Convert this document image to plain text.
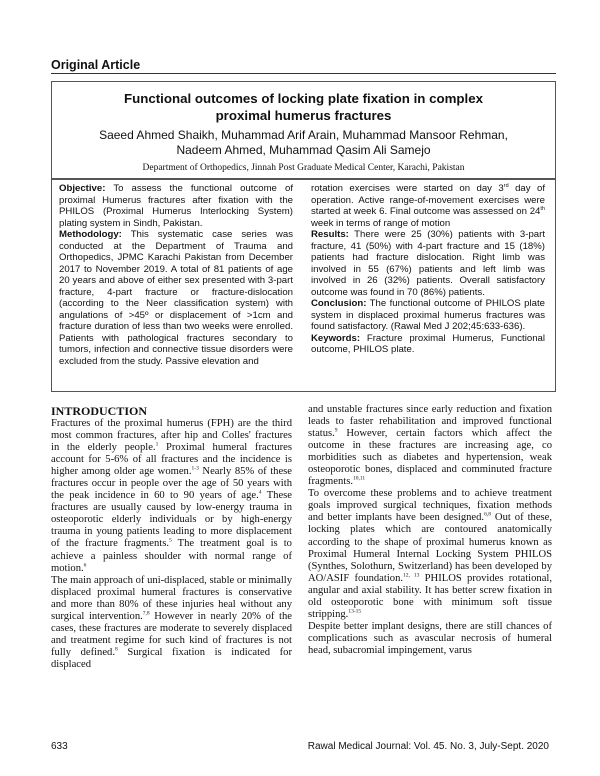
Original Article
Functional outcomes of locking plate fixation in complex
proximal humerus fractures
Saeed Ahmed Shaikh, Muhammad Arif Arain, Muhammad Mansoor Rehman,
Nadeem Ahmed, Muhammad Qasim Ali Samejo
Department of Orthopedics, Jinnah Post Graduate Medical Center, Karachi, Pakistan

Objective: To assess the functional outcome of proximal Humerus fractures after fixation with the PHILOS (Proximal Humerus Interlocking System) plating system in Sindh, Pakistan.

Methodology: This systematic case series was conducted at the Department of Trauma and Orthopedics, JPMC Karachi Pakistan from December 2017 to November 2019. A total of 81 patients of age 20 years and above of either sex presented with 3-part fracture, 4-part fracture or fracture-dislocation (according to the Neer classification system) with angulations of >45º or displacement of >1cm and fracture duration of less than two weeks were enrolled. Patients with pathological fractures secondary to tumors, infection and connective tissue disorders were excluded from the study. Passive elevation and

rotation exercises were started on day 3rd day of operation. Active range-of-movement exercises were started at week 6. Final outcome was assessed on 24th week in terms of range of motion

Results: There were 25 (30%) patients with 3-part fracture, 41 (50%) with 4-part fracture and 15 (18%) patients had fracture dislocation. Right limb was involved in 55 (67%) patients and left limb was involved in 26 (32%) patients. Overall satisfactory outcome was found in 70 (86%) patients.

Conclusion: The functional outcome of PHILOS plate system in displaced proximal humerus fractures was found satisfactory. (Rawal Med J 202;45:633-636).

Keywords: Fracture proximal Humerus, Functional outcome, PHILOS plate.

INTRODUCTION

Fractures of the proximal humerus (FPH) are the third most common fractures, after hip and Colles' fractures in the elderly people.$^1$ Proximal humeral fractures account for 5-6% of all fractures and the incidence is higher among older age women.$^{1-3}$ Nearly 85% of these fractures occur in people over the age of 50 years with the peak incidence in 60 to 90 years of age.$^4$ These fractures are usually caused by low-energy trauma in osteoporotic elderly individuals or by high-energy trauma in young patients leading to more displacement of the fracture fragments.$^5$ The treatment goal is to achieve a painless shoulder with normal range of motion.$^6$

The main approach of uni-displaced, stable or minimally displaced proximal humeral fractures is conservative and more than 80% of these injuries heal without any surgical intervention.$^{7,8}$ However in nearly 20% of the cases, these fractures are moderate to severely displaced and treatment regime for such kind of fractures is not fully defined.$^8$ Surgical fixation is indicated for displaced

and unstable fractures since early reduction and fixation leads to faster rehabilitation and improved functional status.$^9$ However, certain factors which affect the outcome in these fractures are increasing age, co morbidities such as diabetes and hypertension, weak osteoporotic bones, displaced and comminuted fracture fragments.$^{10,11}$

To overcome these problems and to achieve treatment goals improved surgical techniques, fixation methods and better implants have been designed.$^{6,8}$ Out of these, locking plates which are contoured anatomically according to the shape of proximal humerus known as Proximal Humeral Internal Locking System PHILOS (Synthes, Solothurn, Switzerland) has been developed by AO/ASIF foundation.$^{12, 13}$ PHILOS provides rotational, angular and axial stability. It has better screw fixation in old osteoporotic bone with minimum soft tissue stripping.$^{13-15}$

Despite better implant designs, there are still chances of complications such as avascular necrosis of humeral head, subacromial impingement, varus

633	Rawal Medical Journal: Vol. 45. No. 3, July-Sept. 2020
